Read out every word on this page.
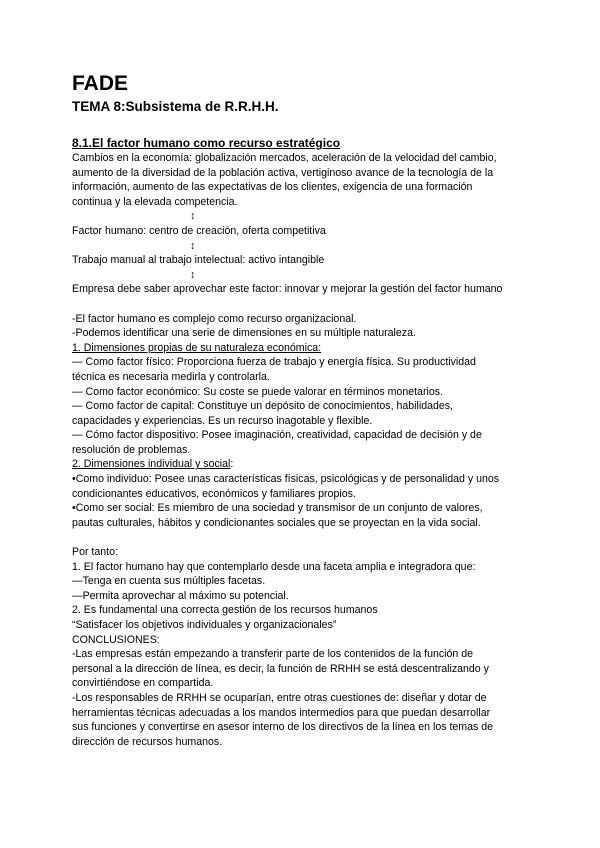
FADE
TEMA 8:Subsistema de R.R.H.H.
8.1.El factor humano como recurso estratégico
Cambios en la economía: globalización mercados, aceleración de la velocidad del cambio,
aumento de la diversidad de la población activa, vertiginoso avance de la tecnología de la
información, aumento de las expectativas de los clientes, exigencia de una formación
continua y la elevada competencia.
↕
Factor humano: centro de creación, oferta competitiva
↕
Trabajo manual al trabajo intelectual: activo intangible
↕
Empresa debe saber aprovechar este factor: innovar y mejorar la gestión del factor humano
-El factor humano es complejo como recurso organizacional.
-Podemos identificar una serie de dimensiones en su múltiple naturaleza.
1. Dimensiones propias de su naturaleza económica:
— Como factor físico: Proporciona fuerza de trabajo y energía física. Su productividad
técnica es necesaria medirla y controlarla.
— Como factor económico: Su coste se puede valorar en términos monetarios.
— Como factor de capital: Constituye un depósito de conocimientos, habilidades,
capacidades y experiencias. Es un recurso inagotable y flexible.
— Cómo factor dispositivo: Posee imaginación, creatividad, capacidad de decisión y de
resolución de problemas.
2. Dimensiones individual y social:
•Como individuo: Posee unas características físicas, psicológicas y de personalidad y unos
condicionantes educativos, económicos y familiares propios.
•Como ser social: Es miembro de una sociedad y transmisor de un conjunto de valores,
pautas culturales, hábitos y condicionantes sociales que se proyectan en la vida social.
Por tanto:
1. El factor humano hay que contemplarlo desde una faceta amplia e integradora que:
—Tenga en cuenta sus múltiples facetas.
—Permita aprovechar al máximo su potencial.
2. Es fundamental una correcta gestión de los recursos humanos
“Satisfacer los objetivos individuales y organizacionales”
CONCLUSIONES:
-Las empresas están empezando a transferir parte de los contenidos de la función de
personal a la dirección de línea, es decir, la función de RRHH se está descentralizando y
convirtiéndose en compartida.
-Los responsables de RRHH se ocuparían, entre otras cuestiones de: diseñar y dotar de
herramientas técnicas adecuadas a los mandos intermedios para que puedan desarrollar
sus funciones y convertirse en asesor interno de los directivos de la línea en los temas de
dirección de recursos humanos.
